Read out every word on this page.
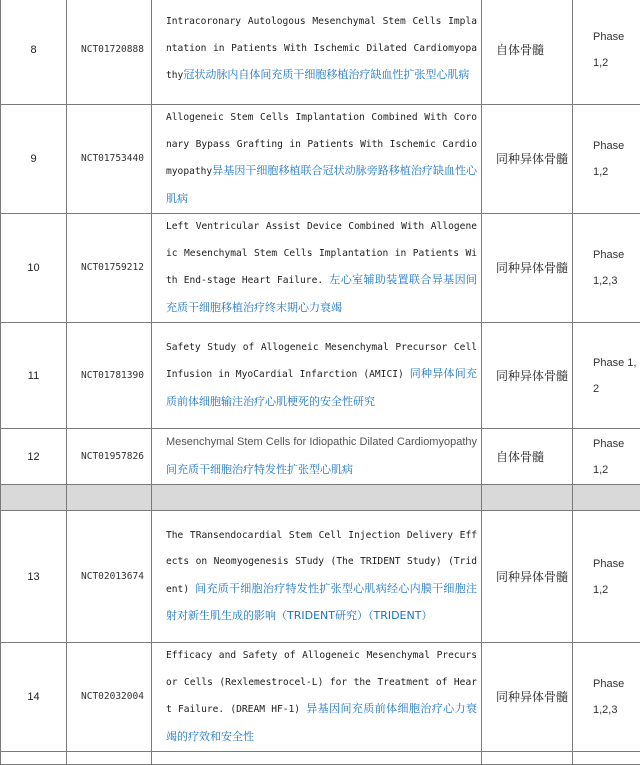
8	NCT01720888	Intracoronary Autologous Mesenchymal Stem Cells Implantation in Patients With Ischemic Dilated Cardiomyopathy冠状动脉内自体间充质干细胞移植治疗缺血性扩张型心肌病	自体骨髓	Phase 1,2
9	NCT01753440	Allogeneic Stem Cells Implantation Combined With Coronary Bypass Grafting in Patients With Ischemic Cardiomyopathy异基因干细胞移植联合冠状动脉旁路移植治疗缺血性心肌病	同种异体骨髓	Phase 1,2
10	NCT01759212	Left Ventricular Assist Device Combined With Allogeneic Mesenchymal Stem Cells Implantation in Patients With End-stage Heart Failure. 左心室辅助装置联合异基因间充质干细胞移植治疗终末期心力衰竭	同种异体骨髓	Phase 1,2,3
11	NCT01781390	Safety Study of Allogeneic Mesenchymal Precursor Cell Infusion in MyoCardial Infarction (AMICI) 同种异体间充质前体细胞输注治疗心肌梗死的安全性研究	同种异体骨髓	Phase 1, 2
12	NCT01957826	Mesenchymal Stem Cells for Idiopathic Dilated Cardiomyopathy间充质干细胞治疗特发性扩张型心肌病	自体骨髓	Phase 1,2

13	NCT02013674	The TRansendocardial Stem Cell Injection Delivery Effects on Neomyogenesis STudy (The TRIDENT Study) (Trident) 间充质干细胞治疗特发性扩张型心肌病经心内膜干细胞注射对新生肌生成的影响（TRIDENT研究）（TRIDENT）	同种异体骨髓	Phase 1,2
14	NCT02032004	Efficacy and Safety of Allogeneic Mesenchymal Precursor Cells (Rexlemestrocel-L) for the Treatment of Heart Failure. (DREAM HF-1) 异基因间充质前体细胞治疗心力衰竭的疗效和安全性	同种异体骨髓	Phase 1,2,3
